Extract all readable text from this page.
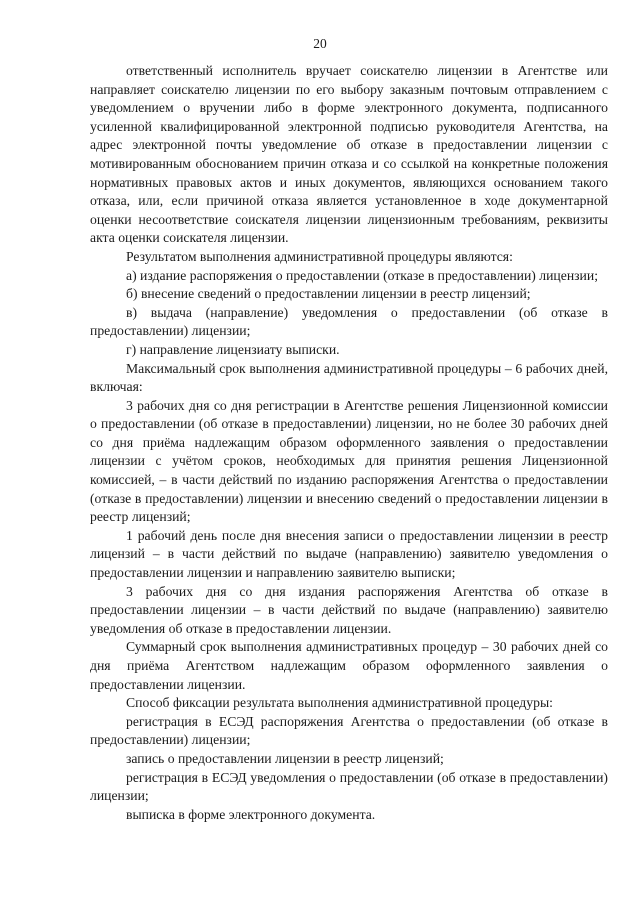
20

ответственный исполнитель вручает соискателю лицензии в Агентстве или направляет соискателю лицензии по его выбору заказным почтовым отправлением с уведомлением о вручении либо в форме электронного документа, подписанного усиленной квалифицированной электронной подписью руководителя Агентства, на адрес электронной почты уведомление об отказе в предоставлении лицензии с мотивированным обоснованием причин отказа и со ссылкой на конкретные положения нормативных правовых актов и иных документов, являющихся основанием такого отказа, или, если причиной отказа является установленное в ходе документарной оценки несоответствие соискателя лицензии лицензионным требованиям, реквизиты акта оценки соискателя лицензии.

Результатом выполнения административной процедуры являются:

а) издание распоряжения о предоставлении (отказе в предоставлении) лицензии;

б) внесение сведений о предоставлении лицензии в реестр лицензий;

в) выдача (направление) уведомления о предоставлении (об отказе в предоставлении) лицензии;

г) направление лицензиату выписки.

Максимальный срок выполнения административной процедуры – 6 рабочих дней, включая:

3 рабочих дня со дня регистрации в Агентстве решения Лицензионной комиссии о предоставлении (об отказе в предоставлении) лицензии, но не более 30 рабочих дней со дня приёма надлежащим образом оформленного заявления о предоставлении лицензии с учётом сроков, необходимых для принятия решения Лицензионной комиссией, – в части действий по изданию распоряжения Агентства о предоставлении (отказе в предоставлении) лицензии и внесению сведений о предоставлении лицензии в реестр лицензий;

1 рабочий день после дня внесения записи о предоставлении лицензии в реестр лицензий – в части действий по выдаче (направлению) заявителю уведомления о предоставлении лицензии и направлению заявителю выписки;

3 рабочих дня со дня издания распоряжения Агентства об отказе в предоставлении лицензии – в части действий по выдаче (направлению) заявителю уведомления об отказе в предоставлении лицензии.

Суммарный срок выполнения административных процедур – 30 рабочих дней со дня приёма Агентством надлежащим образом оформленного заявления о предоставлении лицензии.

Способ фиксации результата выполнения административной процедуры:

регистрация в ЕСЭД распоряжения Агентства о предоставлении (об отказе в предоставлении) лицензии;

запись о предоставлении лицензии в реестр лицензий;

регистрация в ЕСЭД уведомления о предоставлении (об отказе в предоставлении) лицензии;

выписка в форме электронного документа.
